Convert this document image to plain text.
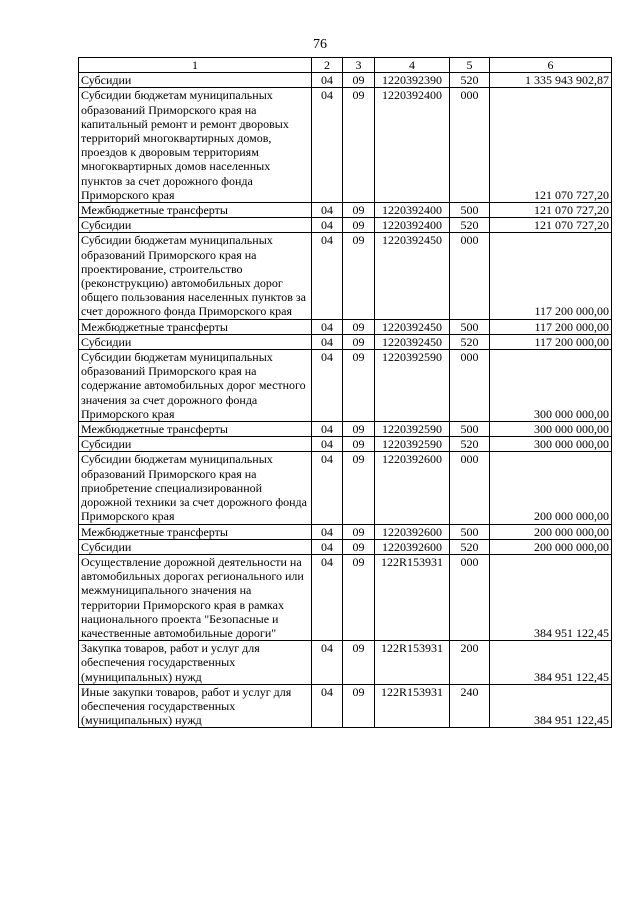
76
1	2	3	4	5	6
Субсидии	04	09	1220392390	520	1 335 943 902,87
Субсидии бюджетам муниципальных образований Приморского края на капитальный ремонт и ремонт дворовых территорий многоквартирных домов, проездов к дворовым территориям многоквартирных домов населенных пунктов за счет дорожного фонда Приморского края	04	09	1220392400	000	121 070 727,20
Межбюджетные трансферты	04	09	1220392400	500	121 070 727,20
Субсидии	04	09	1220392400	520	121 070 727,20
Субсидии бюджетам муниципальных образований Приморского края на проектирование, строительство (реконструкцию) автомобильных дорог общего пользования населенных пунктов за счет дорожного фонда Приморского края	04	09	1220392450	000	117 200 000,00
Межбюджетные трансферты	04	09	1220392450	500	117 200 000,00
Субсидии	04	09	1220392450	520	117 200 000,00
Субсидии бюджетам муниципальных образований Приморского края на содержание автомобильных дорог местного значения за счет дорожного фонда Приморского края	04	09	1220392590	000	300 000 000,00
Межбюджетные трансферты	04	09	1220392590	500	300 000 000,00
Субсидии	04	09	1220392590	520	300 000 000,00
Субсидии бюджетам муниципальных образований Приморского края на приобретение специализированной дорожной техники за счет дорожного фонда Приморского края	04	09	1220392600	000	200 000 000,00
Межбюджетные трансферты	04	09	1220392600	500	200 000 000,00
Субсидии	04	09	1220392600	520	200 000 000,00
Осуществление дорожной деятельности на автомобильных дорогах регионального или межмуниципального значения на территории Приморского края в рамках национального проекта "Безопасные и качественные автомобильные дороги"	04	09	122R153931	000	384 951 122,45
Закупка товаров, работ и услуг для обеспечения государственных (муниципальных) нужд	04	09	122R153931	200	384 951 122,45
Иные закупки товаров, работ и услуг для обеспечения государственных (муниципальных) нужд	04	09	122R153931	240	384 951 122,45
